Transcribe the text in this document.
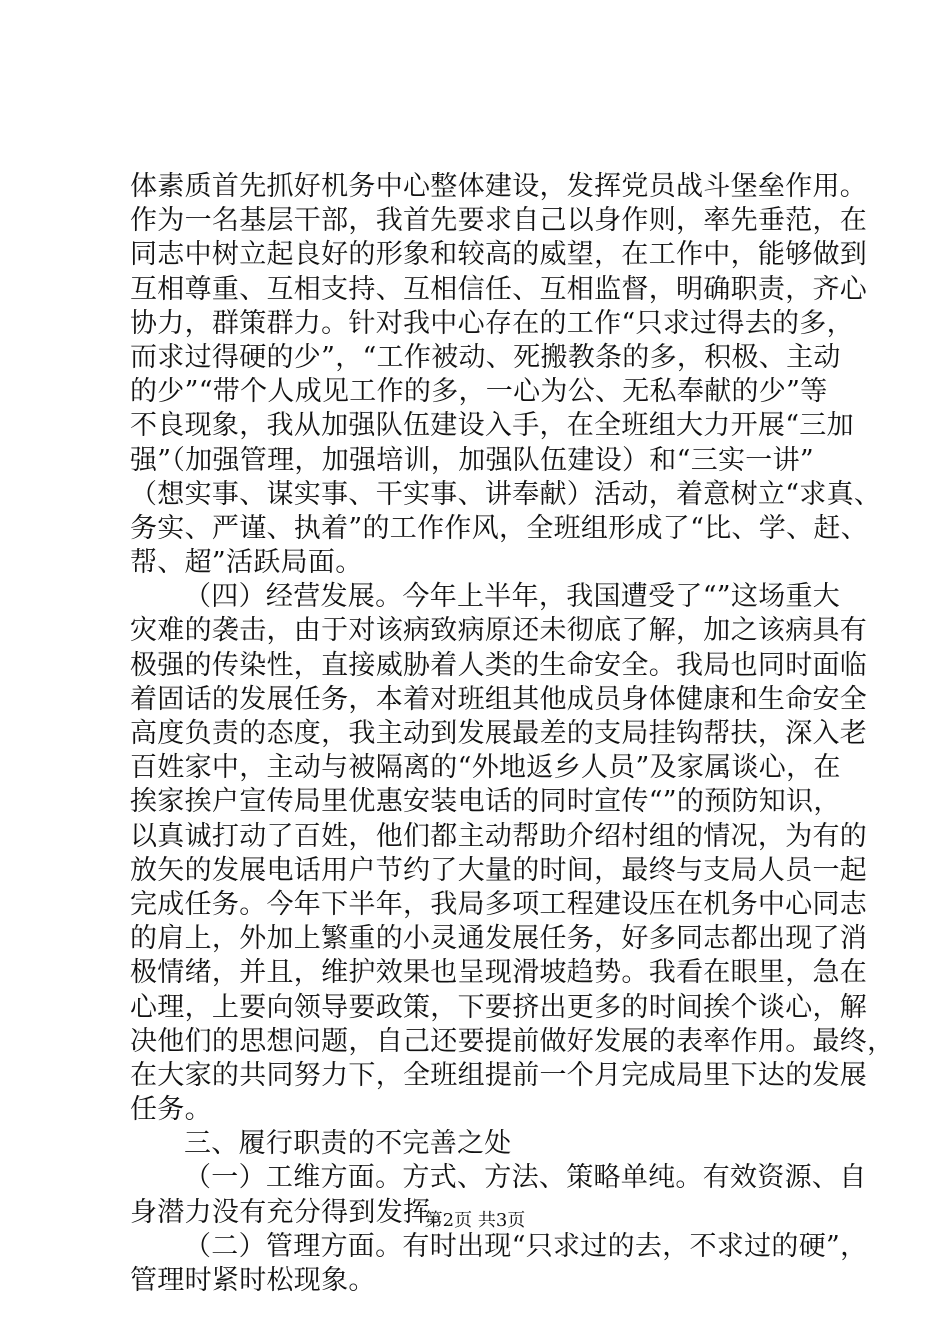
体素质首先抓好机务中心整体建设，发挥党员战斗堡垒作用。
作为一名基层干部，我首先要求自己以身作则，率先垂范，在
同志中树立起良好的形象和较高的威望，在工作中，能够做到
互相尊重、互相支持、互相信任、互相监督，明确职责，齐心
协力，群策群力。针对我中心存在的工作“只求过得去的多，
而求过得硬的少”，“工作被动、死搬教条的多，积极、主动
的少”“带个人成见工作的多，一心为公、无私奉献的少”等
不良现象，我从加强队伍建设入手，在全班组大力开展“三加
强”（加强管理，加强培训，加强队伍建设）和“三实一讲”
（想实事、谋实事、干实事、讲奉献）活动，着意树立“求真、
务实、严谨、执着”的工作作风，全班组形成了“比、学、赶、
帮、超”活跃局面。
（四）经营发展。今年上半年，我国遭受了“”这场重大
灾难的袭击，由于对该病致病原还未彻底了解，加之该病具有
极强的传染性，直接威胁着人类的生命安全。我局也同时面临
着固话的发展任务，本着对班组其他成员身体健康和生命安全
高度负责的态度，我主动到发展最差的支局挂钩帮扶，深入老
百姓家中，主动与被隔离的“外地返乡人员”及家属谈心，在
挨家挨户宣传局里优惠安装电话的同时宣传“”的预防知识，
以真诚打动了百姓，他们都主动帮助介绍村组的情况，为有的
放矢的发展电话用户节约了大量的时间，最终与支局人员一起
完成任务。今年下半年，我局多项工程建设压在机务中心同志
的肩上，外加上繁重的小灵通发展任务，好多同志都出现了消
极情绪，并且，维护效果也呈现滑坡趋势。我看在眼里，急在
心理，上要向领导要政策，下要挤出更多的时间挨个谈心，解
决他们的思想问题，自己还要提前做好发展的表率作用。最终，
在大家的共同努力下，全班组提前一个月完成局里下达的发展
任务。
三、履行职责的不完善之处
（一）工维方面。方式、方法、策略单纯。有效资源、自
身潜力没有充分得到发挥。
（二）管理方面。有时出现“只求过的去，不求过的硬”，
管理时紧时松现象。
第2页 共3页
